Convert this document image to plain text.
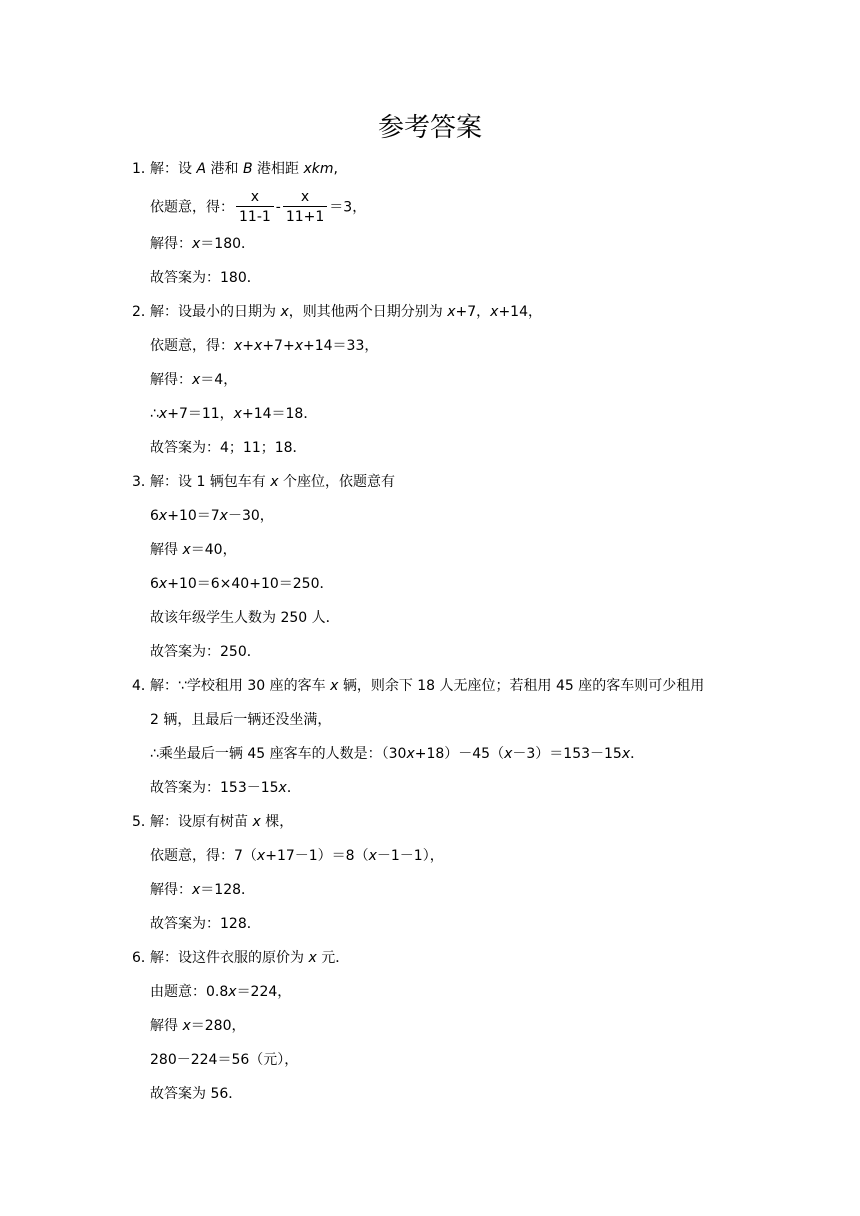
参考答案
1．
解：设 A 港和 B 港相距 xkm,
依题意，得： $\frac{x}{11-1} - \frac{x}{11+1} =3$，
解得：x＝180．
故答案为：180．
2．
解：设最小的日期为 x，则其他两个日期分别为 x+7，x+14，
依题意，得：x+x+7+x+14＝33，
解得：x＝4，
∴x+7＝11，x+14＝18．
故答案为：4；11；18．
3．
解：设 1 辆包车有 x 个座位，依题意有
6x+10＝7x－30，
解得 x＝40，
6x+10＝6×40+10＝250．
故该年级学生人数为 250 人．
故答案为：250．
4．
解：∵学校租用 30 座的客车 x 辆，则余下 18 人无座位；若租用 45 座的客车则可少租用
2 辆，且最后一辆还没坐满，
∴乘坐最后一辆 45 座客车的人数是：（30x+18）－45（x－3）＝153－15x．
故答案为：153－15x．
5．
解：设原有树苗 x 棵，
依题意，得：7（x+17－1）＝8（x－1－1），
解得：x＝128．
故答案为：128．
6．
解：设这件衣服的原价为 x 元．
由题意：0.8x＝224，
解得 x＝280，
280－224＝56（元），
故答案为 56．
